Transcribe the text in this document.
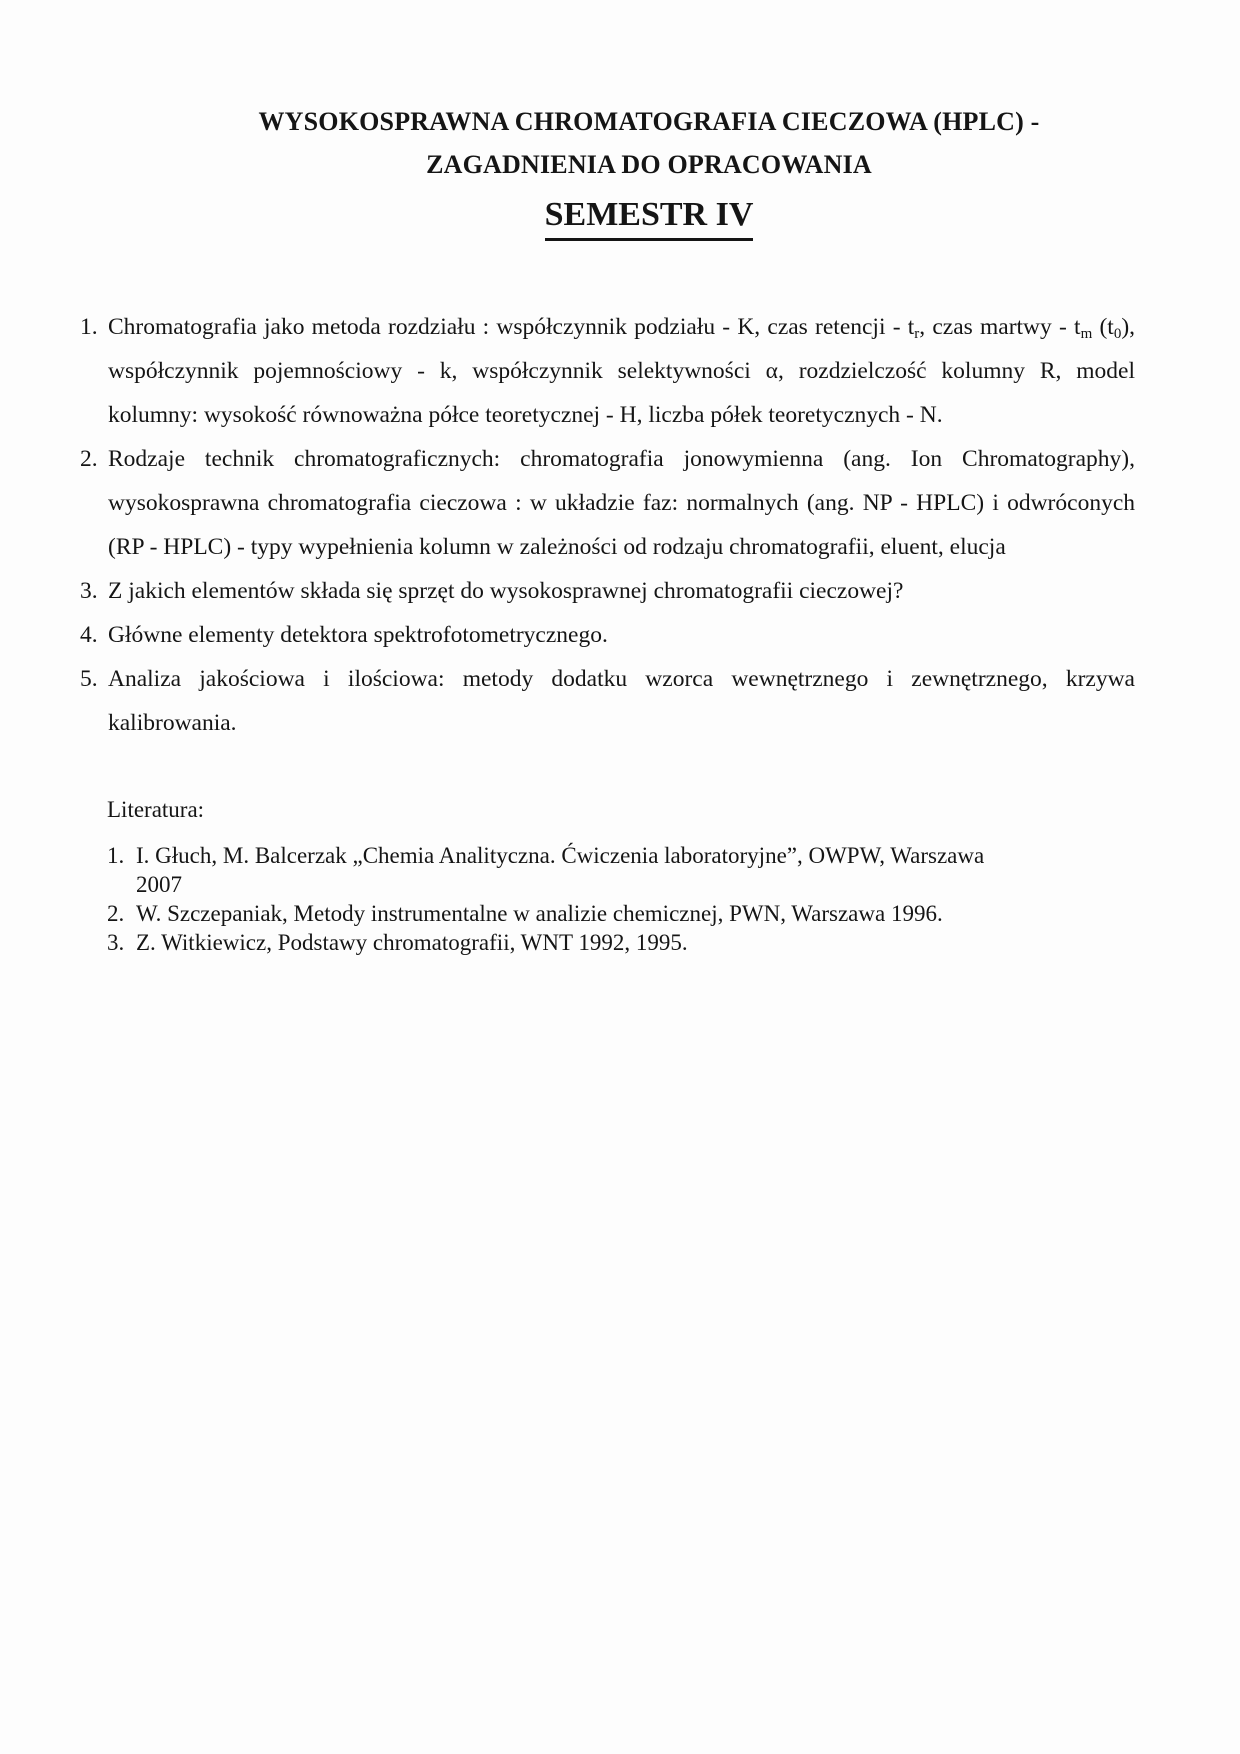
WYSOKOSPRAWNA CHROMATOGRAFIA CIECZOWA (HPLC) -
ZAGADNIENIA DO OPRACOWANIA
SEMESTR IV
1. Chromatografia jako metoda rozdziału : współczynnik podziału - K, czas retencji - $t_r$, czas martwy - $t_m$ $(t_0)$, współczynnik pojemnościowy - k, współczynnik selektywności α, rozdzielczość kolumny R, model kolumny: wysokość równoważna półce teoretycznej - H, liczba półek teoretycznych - N.
2. Rodzaje technik chromatograficznych: chromatografia jonowymienna (ang. Ion Chromatography), wysokosprawna chromatografia cieczowa : w układzie faz: normalnych (ang. NP - HPLC) i odwróconych (RP - HPLC) - typy wypełnienia kolumn w zależności od rodzaju chromatografii, eluent, elucja
3. Z jakich elementów składa się sprzęt do wysokosprawnej chromatografii cieczowej?
4. Główne elementy detektora spektrofotometrycznego.
5. Analiza jakościowa i ilościowa: metody dodatku wzorca wewnętrznego i zewnętrznego, krzywa kalibrowania.
Literatura:
1. I. Głuch, M. Balcerzak „Chemia Analityczna. Ćwiczenia laboratoryjne”, OWPW, Warszawa
2007
2. W. Szczepaniak, Metody instrumentalne w analizie chemicznej, PWN, Warszawa 1996.
3. Z. Witkiewicz, Podstawy chromatografii, WNT 1992, 1995.
